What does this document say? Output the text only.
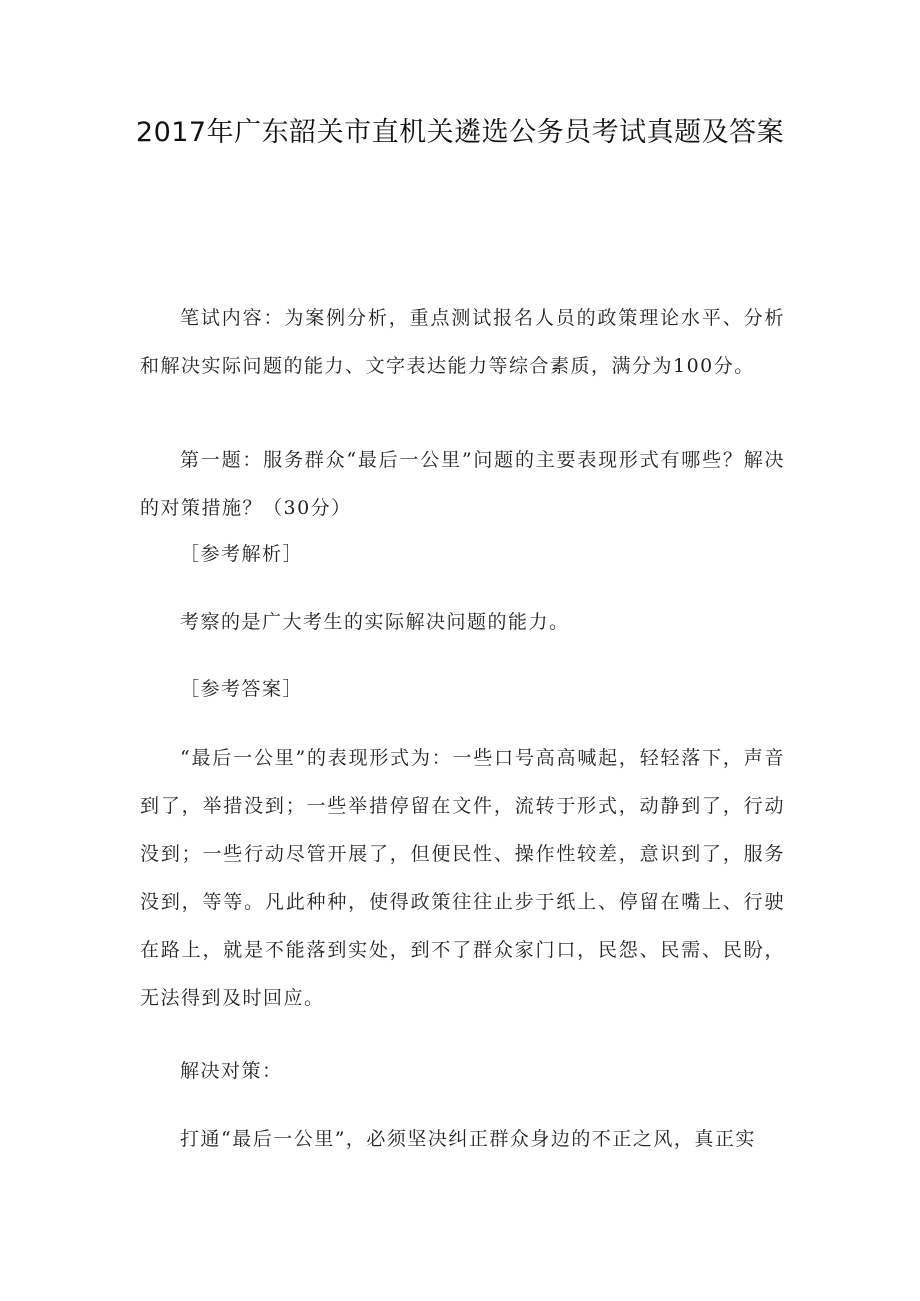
2017年广东韶关市直机关遴选公务员考试真题及答案

笔试内容：为案例分析，重点测试报名人员的政策理论水平、分析和解决实际问题的能力、文字表达能力等综合素质，满分为100分。

第一题：服务群众“最后一公里”问题的主要表现形式有哪些？解决的对策措施？（30分）

［参考解析］

考察的是广大考生的实际解决问题的能力。

［参考答案］

“最后一公里”的表现形式为：一些口号高高喊起，轻轻落下，声音到了，举措没到；一些举措停留在文件，流转于形式，动静到了，行动没到；一些行动尽管开展了，但便民性、操作性较差，意识到了，服务没到，等等。凡此种种，使得政策往往止步于纸上、停留在嘴上、行驶在路上，就是不能落到实处，到不了群众家门口，民怨、民需、民盼，无法得到及时回应。

解决对策：

打通“最后一公里”，必须坚决纠正群众身边的不正之风，真正实
